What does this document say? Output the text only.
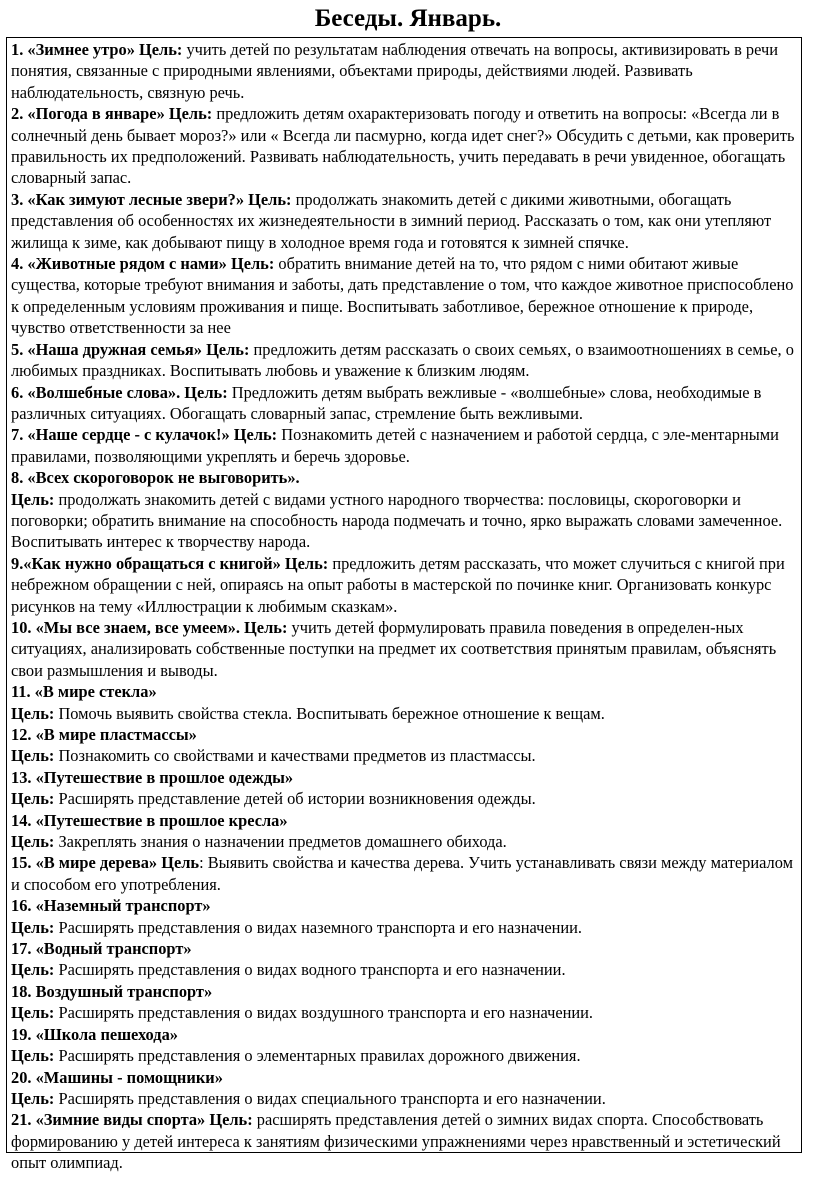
Беседы. Январь.

1. «Зимнее утро» Цель: учить детей по результатам наблюдения отвечать на вопросы, активизировать в речи понятия, связанные с природными явлениями, объектами природы, действиями людей. Развивать наблюдательность, связную речь.

2. «Погода в январе» Цель: предложить детям охарактеризовать погоду и ответить на вопросы: «Всегда ли в солнечный день бывает мороз?» или « Всегда ли пасмурно, когда идет снег?» Обсудить с детьми, как проверить правильность их предположений. Развивать наблюдательность, учить передавать в речи увиденное, обогащать словарный запас.

3. «Как зимуют лесные звери?» Цель: продолжать знакомить детей с дикими животными, обогащать представления об особенностях их жизнедеятельности в зимний период. Рассказать о том, как они утепляют жилища к зиме, как добывают пищу в холодное время года и готовятся к зимней спячке.

4. «Животные рядом с нами» Цель: обратить внимание детей на то, что рядом с ними обитают живые существа, которые требуют внимания и заботы, дать представление о том, что каждое животное приспособлено к определенным условиям проживания и пище. Воспитывать заботливое, бережное отношение к природе, чувство ответственности за нее

5. «Наша дружная семья» Цель: предложить детям рассказать о своих семьях, о взаимоотношениях в семье, о любимых праздниках. Воспитывать любовь и уважение к близким людям.

6. «Волшебные слова». Цель: Предложить детям выбрать вежливые - «волшебные» слова, необходимые в различных ситуациях. Обогащать словарный запас, стремление быть вежливыми.

7. «Наше сердце - с кулачок!» Цель: Познакомить детей с назначением и работой сердца, с эле-ментарными правилами, позволяющими укреплять и беречь здоровье.

8. «Всех скороговорок не выговорить».
Цель: продолжать знакомить детей с видами устного народного творчества: пословицы, скороговорки и поговорки; обратить внимание на способность народа подмечать и точно, ярко выражать словами замеченное. Воспитывать интерес к творчеству народа.

9.«Как нужно обращаться с книгой» Цель: предложить детям рассказать, что может случиться с книгой при небрежном обращении с ней, опираясь на опыт работы в мастерской по починке книг. Организовать конкурс рисунков на тему «Иллюстрации к любимым сказкам».

10. «Мы все знаем, все умеем». Цель: учить детей формулировать правила поведения в определен-ных ситуациях, анализировать собственные поступки на предмет их соответствия принятым правилам, объяснять свои размышления и выводы.

11. «В мире стекла»
Цель: Помочь выявить свойства стекла. Воспитывать бережное отношение к вещам.

12. «В мире пластмассы»
Цель: Познакомить со свойствами и качествами предметов из пластмассы.

13. «Путешествие в прошлое одежды»
Цель: Расширять представление детей об истории возникновения одежды.

14. «Путешествие в прошлое кресла»
Цель: Закреплять знания о назначении предметов домашнего обихода.

15. «В мире дерева» Цель: Выявить свойства и качества дерева. Учить устанавливать связи между материалом и способом его употребления.

16. «Наземный транспорт»
Цель: Расширять представления о видах наземного транспорта и его назначении.

17. «Водный транспорт»
Цель: Расширять представления о видах водного транспорта и его назначении.

18. Воздушный транспорт»
Цель: Расширять представления о видах воздушного транспорта и его назначении.

19. «Школа пешехода»
Цель: Расширять представления о элементарных правилах дорожного движения.

20. «Машины - помощники»
Цель: Расширять представления о видах специального транспорта и его назначении.

21. «Зимние виды спорта» Цель: расширять представления детей о зимних видах спорта. Способствовать формированию у детей интереса к занятиям физическими упражнениями через нравственный и эстетический опыт олимпиад.
